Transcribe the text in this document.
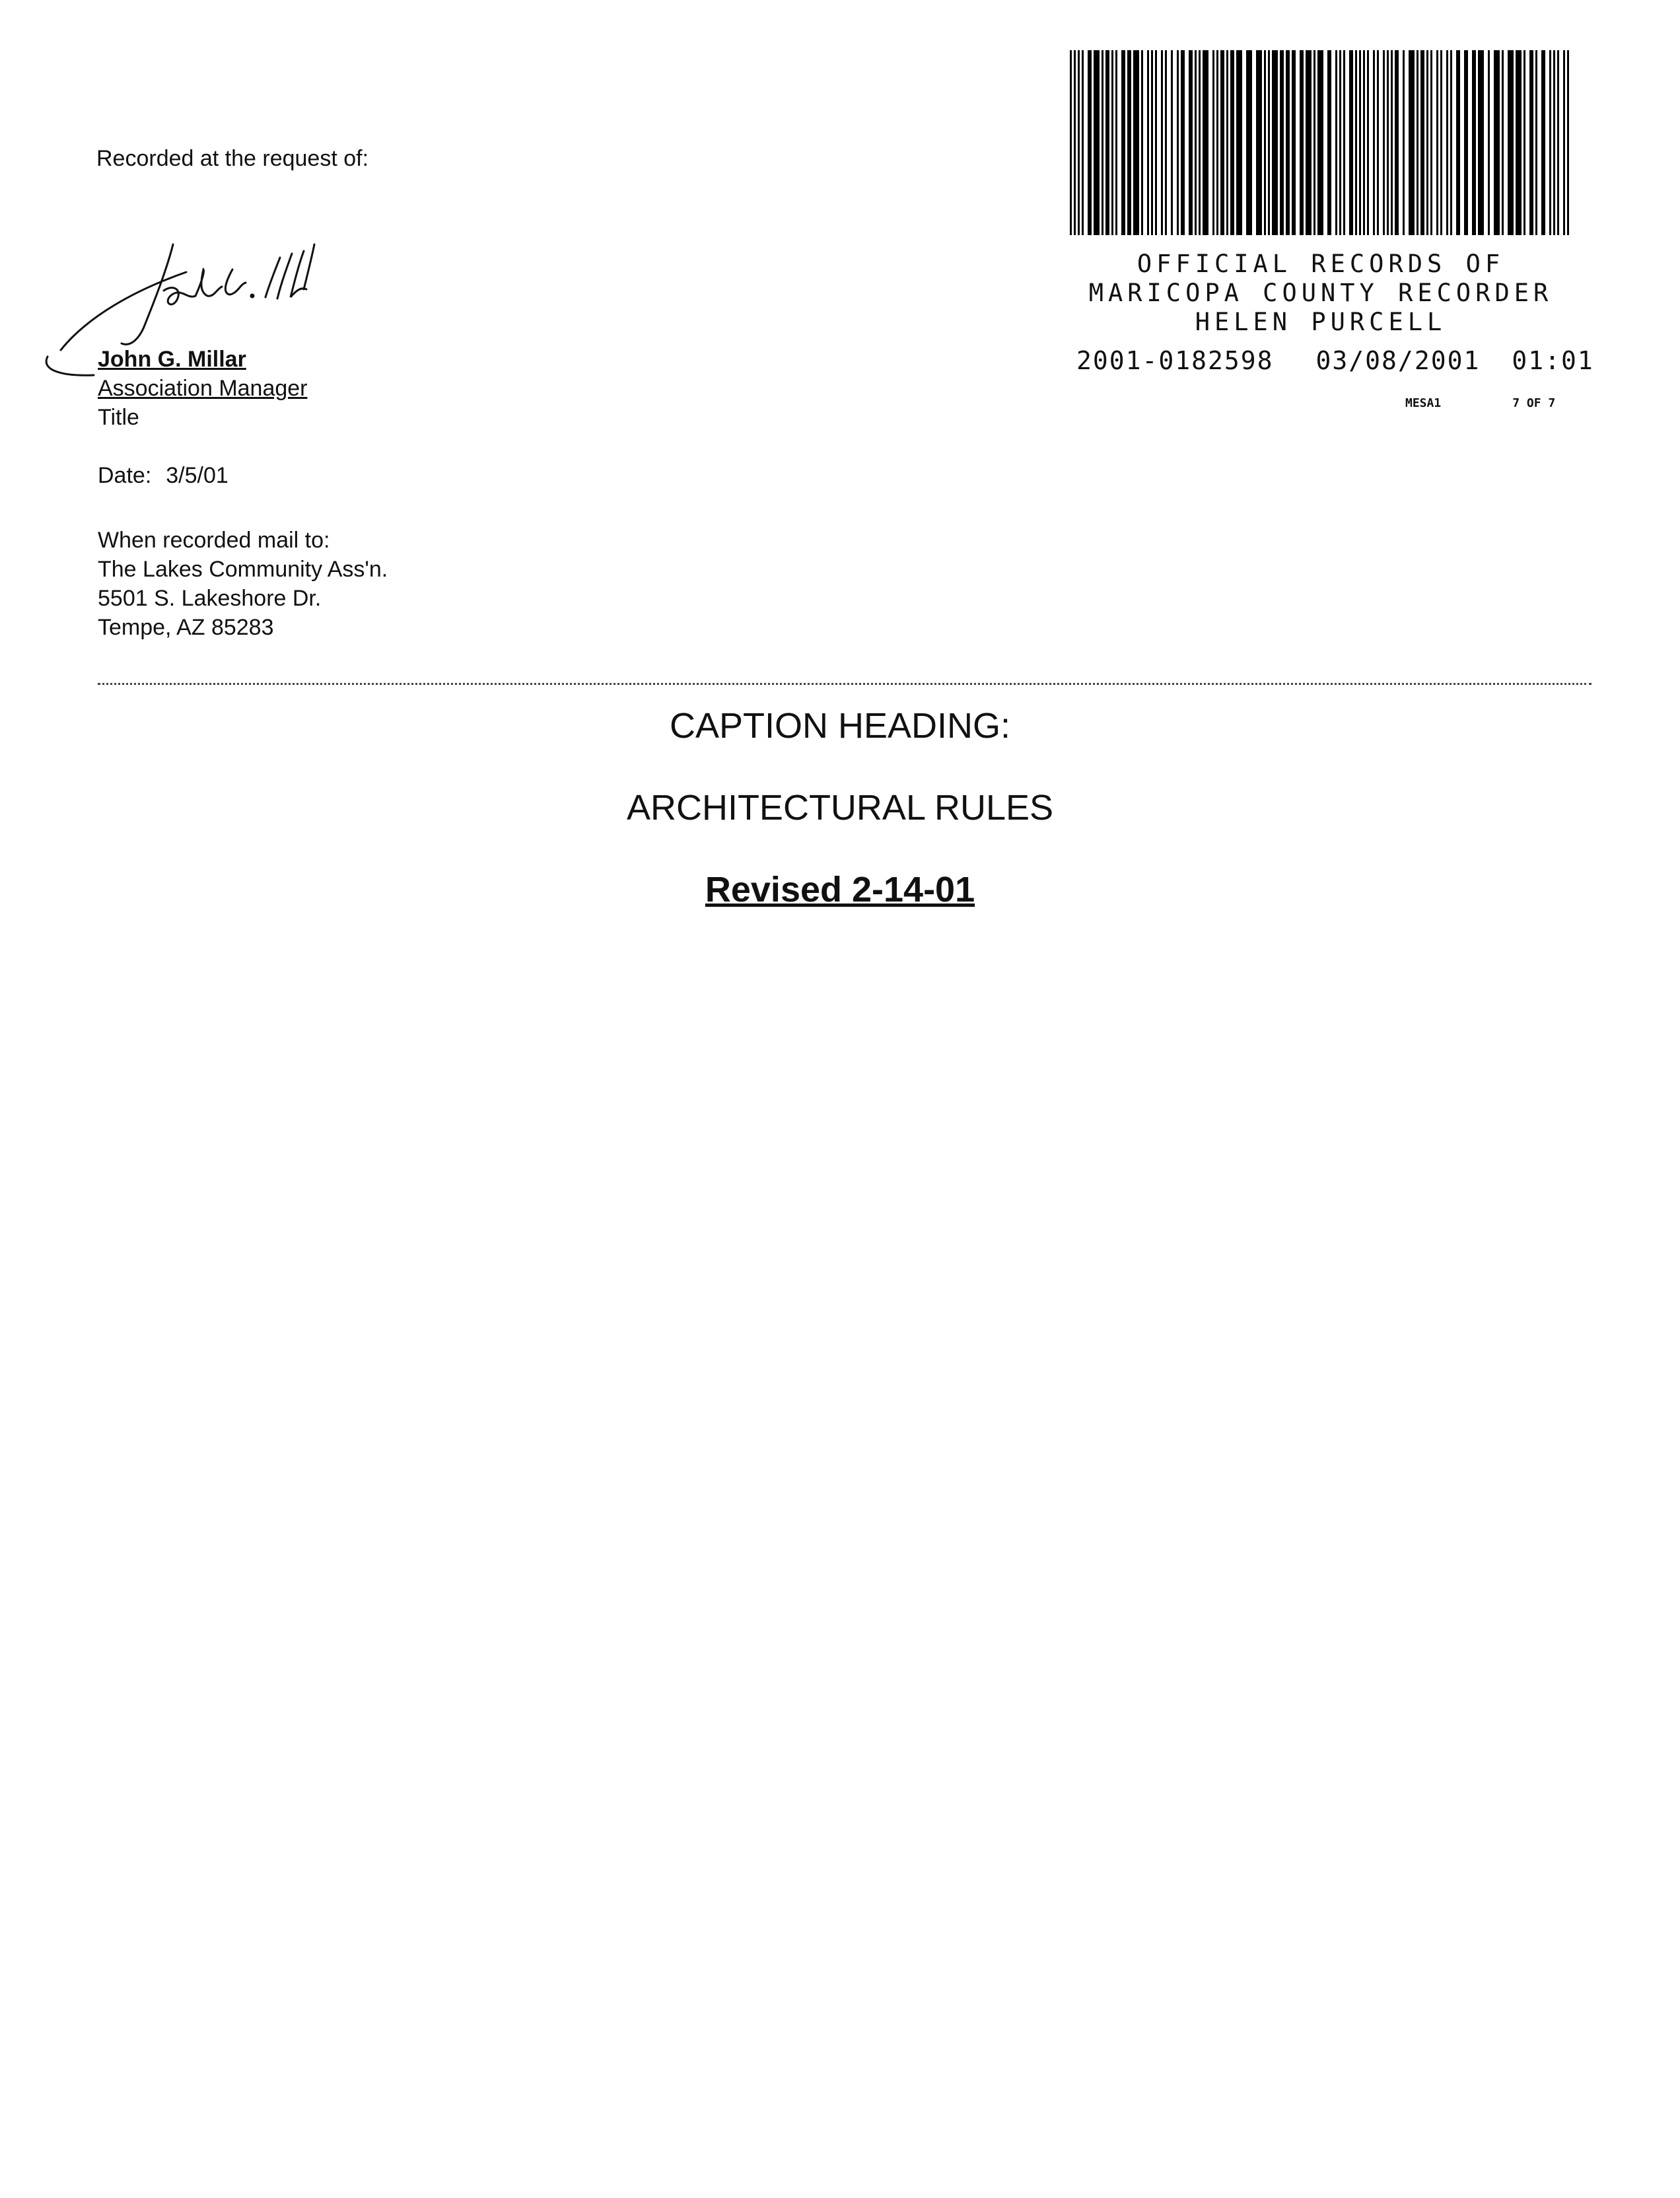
Recorded at the request of:
John G. Millar
Association Manager
Title
Date: 3/5/01
When recorded mail to:
The Lakes Community Ass'n.
5501 S. Lakeshore Dr.
Tempe, AZ 85283
OFFICIAL RECORDS OF
MARICOPA COUNTY RECORDER
HELEN PURCELL
2001-0182598 03/08/2001 01:01
MESA1	7 OF 7
CAPTION HEADING:
ARCHITECTURAL RULES
Revised 2-14-01
